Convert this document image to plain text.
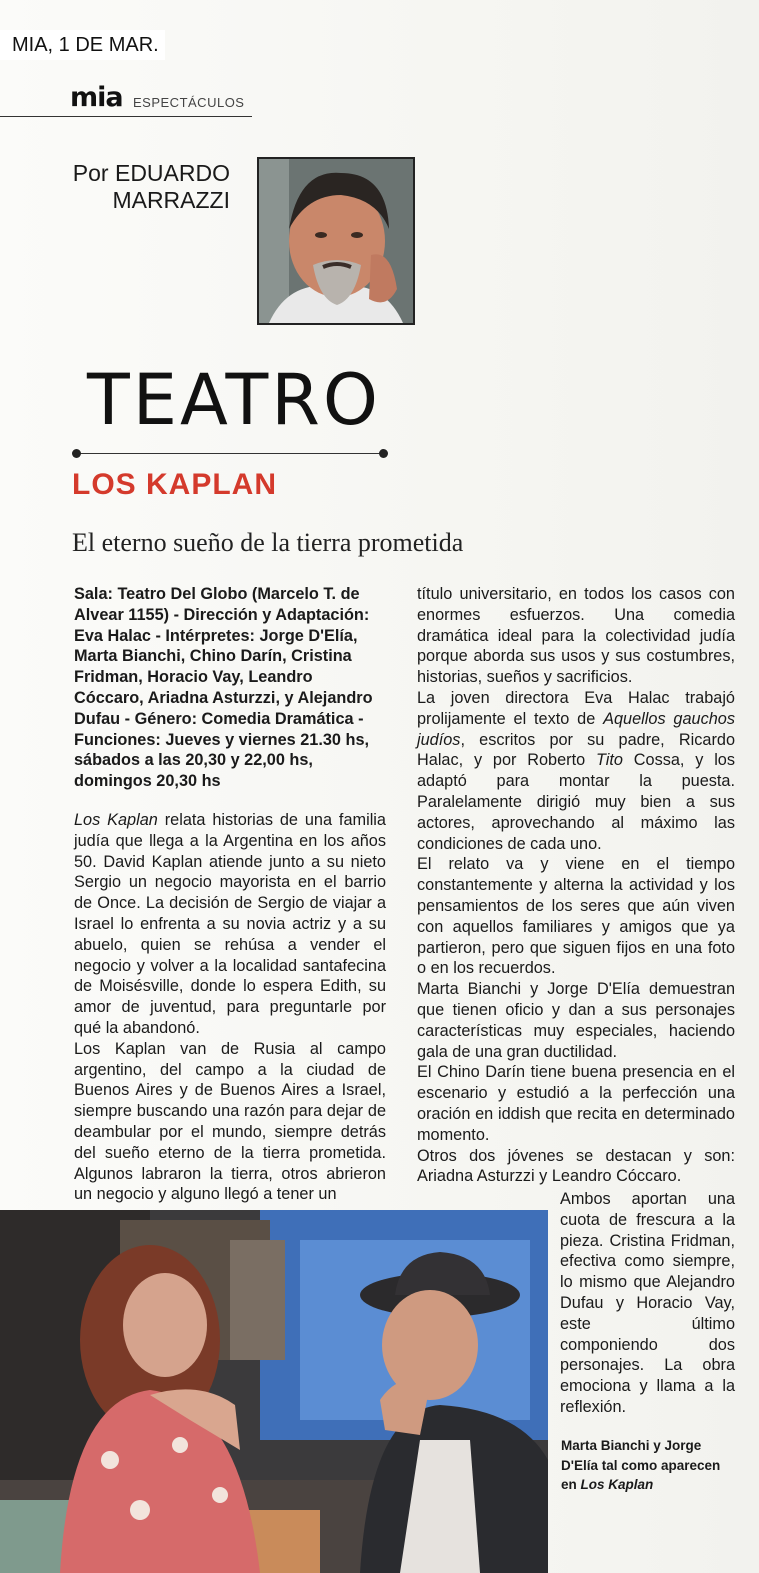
MIA, 1 DE MAR.
mia ESPECTÁCULOS
Por EDUARDO
MARRAZZI
TEATRO
LOS KAPLAN
El eterno sueño de la tierra prometida

Sala: Teatro Del Globo (Marcelo T. de Alvear 1155) - Dirección y Adaptación: Eva Halac - Intérpretes: Jorge D'Elía, Marta Bianchi, Chino Darín, Cristina Fridman, Horacio Vay, Leandro Cóccaro, Ariadna Asturzzi, y Alejandro Dufau - Género: Comedia Dramática - Funciones: Jueves y viernes 21.30 hs, sábados a las 20,30 y 22,00 hs, domingos 20,30 hs

Los Kaplan relata historias de una familia judía que llega a la Argentina en los años 50. David Kaplan atiende junto a su nieto Sergio un negocio mayorista en el barrio de Once. La decisión de Sergio de viajar a Israel lo enfrenta a su novia actriz y a su abuelo, quien se rehúsa a vender el negocio y volver a la localidad santafecina de Moisésville, donde lo espera Edith, su amor de juventud, para preguntarle por qué la abandonó.

Los Kaplan van de Rusia al campo argentino, del campo a la ciudad de Buenos Aires y de Buenos Aires a Israel, siempre buscando una razón para dejar de deambular por el mundo, siempre detrás del sueño eterno de la tierra prometida. Algunos labraron la tierra, otros abrieron un negocio y alguno llegó a tener un

título universitario, en todos los casos con enormes esfuerzos. Una comedia dramática ideal para la colectividad judía porque aborda sus usos y sus costumbres, historias, sueños y sacrificios.

La joven directora Eva Halac trabajó prolijamente el texto de Aquellos gauchos judíos, escritos por su padre, Ricardo Halac, y por Roberto Tito Cossa, y los adaptó para montar la puesta. Paralelamente dirigió muy bien a sus actores, aprovechando al máximo las condiciones de cada uno.

El relato va y viene en el tiempo constantemente y alterna la actividad y los pensamientos de los seres que aún viven con aquellos familiares y amigos que ya partieron, pero que siguen fijos en una foto o en los recuerdos.

Marta Bianchi y Jorge D'Elía demuestran que tienen oficio y dan a sus personajes características muy especiales, haciendo gala de una gran ductilidad.

El Chino Darín tiene buena presencia en el escenario y estudió a la perfección una oración en iddish que recita en determinado momento.

Otros dos jóvenes se destacan y son: Ariadna Asturzzi y Leandro Cóccaro.

Ambos aportan una cuota de frescura a la pieza. Cristina Fridman, efectiva como siempre, lo mismo que Alejandro Dufau y Horacio Vay, este último componiendo dos personajes. La obra emociona y llama a la reflexión.

Marta Bianchi y Jorge D'Elía tal como aparecen en Los Kaplan
